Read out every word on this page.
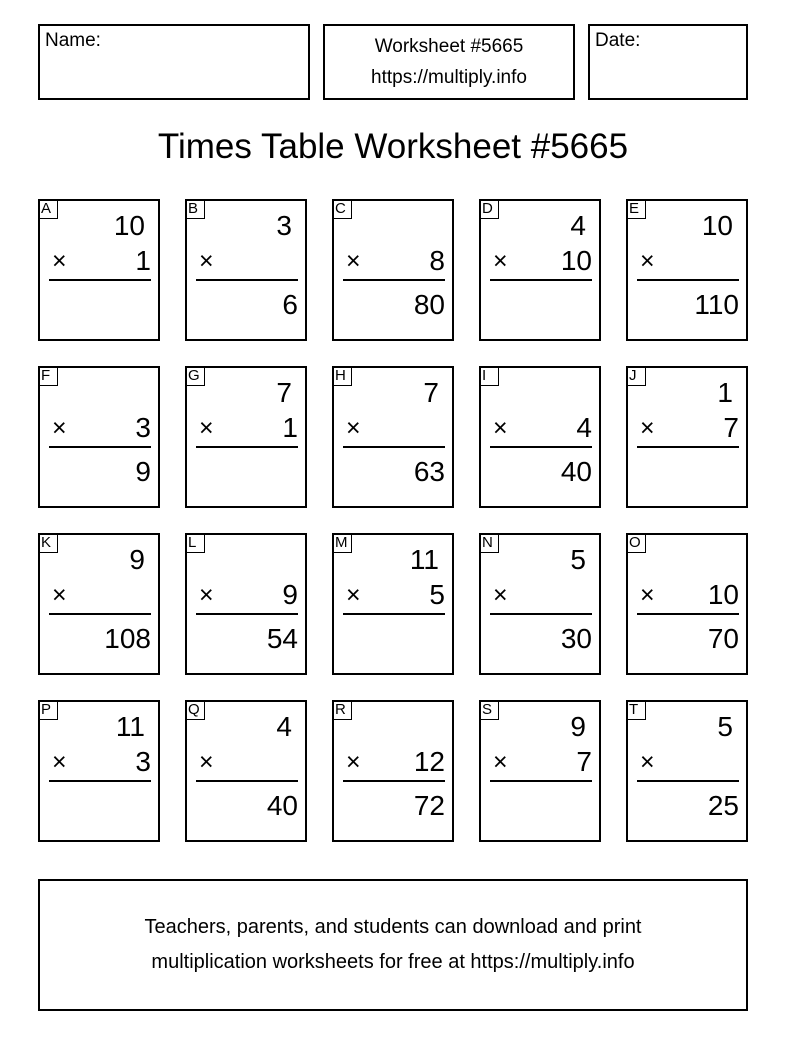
Name:	Worksheet #5665
https://multiply.info
Date:
Times Table Worksheet #5665
A
10
× 1
B
3
×
6
C
× 8
80
D
4
× 10
E
10
×
110
F
× 3
9
G
7
× 1
H
7
×
63
I
× 4
40
J
1
× 7
K
9
×
108
L
× 9
54
M
11
× 5
N
5
×
30
O
× 10
70
P
11
× 3
Q
4
×
40
R
× 12
72
S
9
× 7
T
5
×
25
Teachers, parents, and students can download and print
multiplication worksheets for free at https://multiply.info
